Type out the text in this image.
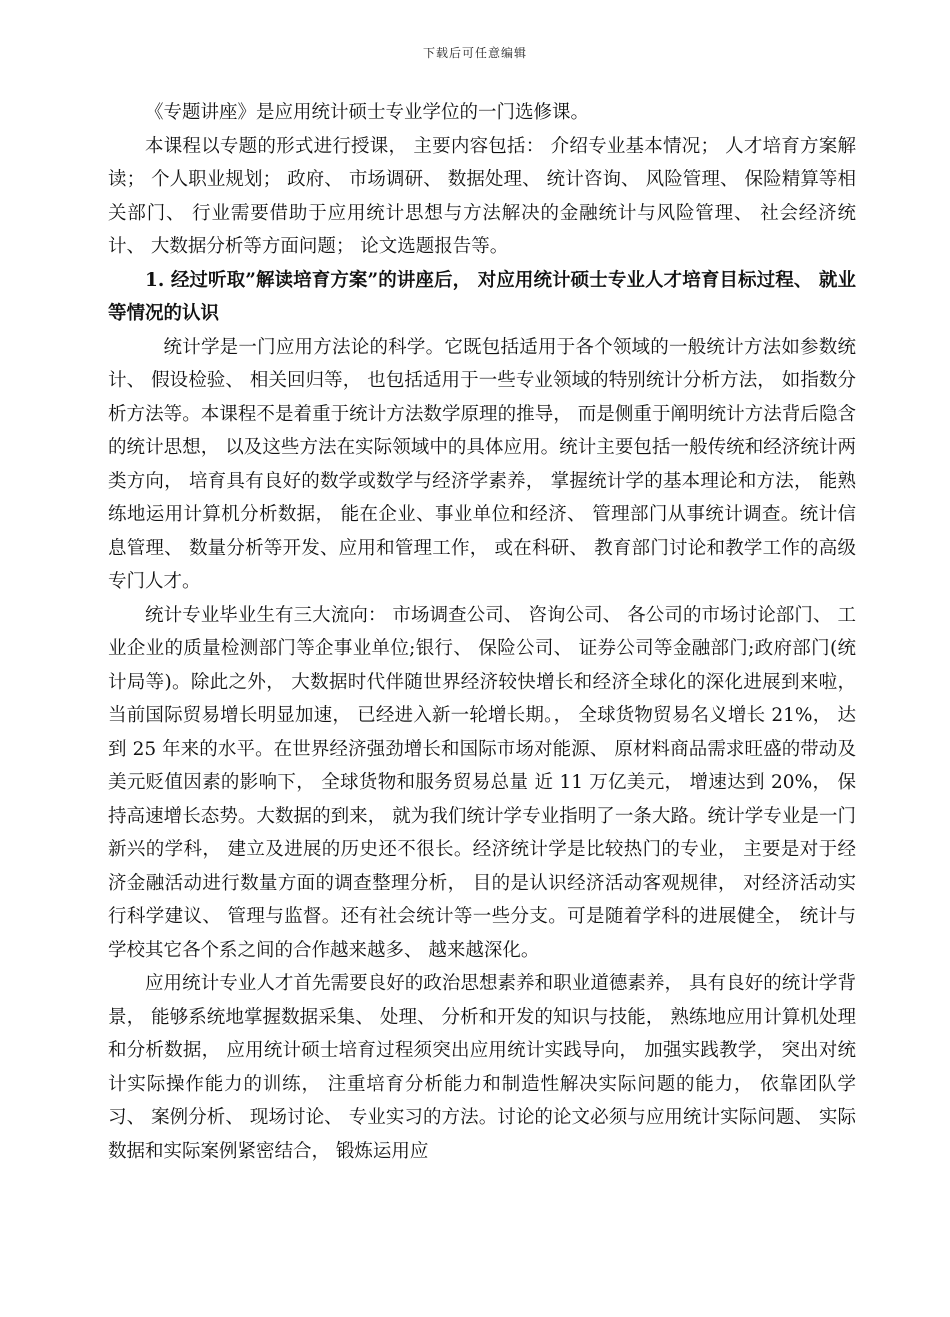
下载后可任意编辑

《专题讲座》是应用统计硕士专业学位的一门选修课。

本课程以专题的形式进行授课， 主要内容包括： 介绍专业基本情况； 人才培育方案解读； 个人职业规划； 政府、 市场调研、 数据处理、 统计咨询、 风险管理、 保险精算等相关部门、 行业需要借助于应用统计思想与方法解决的金融统计与风险管理、 社会经济统计、 大数据分析等方面问题； 论文选题报告等。

1. 经过听取”解读培育方案”的讲座后， 对应用统计硕士专业人才培育目标过程、 就业等情况的认识

统计学是一门应用方法论的科学。它既包括适用于各个领域的一般统计方法如参数统计、 假设检验、 相关回归等， 也包括适用于一些专业领域的特别统计分析方法， 如指数分析方法等。本课程不是着重于统计方法数学原理的推导， 而是侧重于阐明统计方法背后隐含的统计思想， 以及这些方法在实际领域中的具体应用。统计主要包括一般传统和经济统计两类方向， 培育具有良好的数学或数学与经济学素养， 掌握统计学的基本理论和方法， 能熟练地运用计算机分析数据， 能在企业、事业单位和经济、 管理部门从事统计调查。统计信息管理、 数量分析等开发、应用和管理工作， 或在科研、 教育部门讨论和教学工作的高级专门人才。

统计专业毕业生有三大流向： 市场调查公司、 咨询公司、 各公司的市场讨论部门、 工业企业的质量检测部门等企事业单位;银行、 保险公司、 证券公司等金融部门;政府部门(统计局等)。除此之外， 大数据时代伴随世界经济较快增长和经济全球化的深化进展到来啦， 当前国际贸易增长明显加速， 已经进入新一轮增长期。， 全球货物贸易名义增长 21%， 达到 25 年来的水平。在世界经济强劲增长和国际市场对能源、 原材料商品需求旺盛的带动及美元贬值因素的影响下， 全球货物和服务贸易总量 近 11 万亿美元， 增速达到 20%， 保持高速增长态势。大数据的到来， 就为我们统计学专业指明了一条大路。统计学专业是一门新兴的学科， 建立及进展的历史还不很长。经济统计学是比较热门的专业， 主要是对于经济金融活动进行数量方面的调查整理分析， 目的是认识经济活动客观规律， 对经济活动实行科学建议、 管理与监督。还有社会统计等一些分支。可是随着学科的进展健全， 统计与学校其它各个系之间的合作越来越多、 越来越深化。

应用统计专业人才首先需要良好的政治思想素养和职业道德素养， 具有良好的统计学背景， 能够系统地掌握数据采集、 处理、 分析和开发的知识与技能， 熟练地应用计算机处理和分析数据， 应用统计硕士培育过程须突出应用统计实践导向， 加强实践教学， 突出对统计实际操作能力的训练， 注重培育分析能力和制造性解决实际问题的能力， 依靠团队学习、 案例分析、 现场讨论、 专业实习的方法。讨论的论文必须与应用统计实际问题、 实际数据和实际案例紧密结合， 锻炼运用应
